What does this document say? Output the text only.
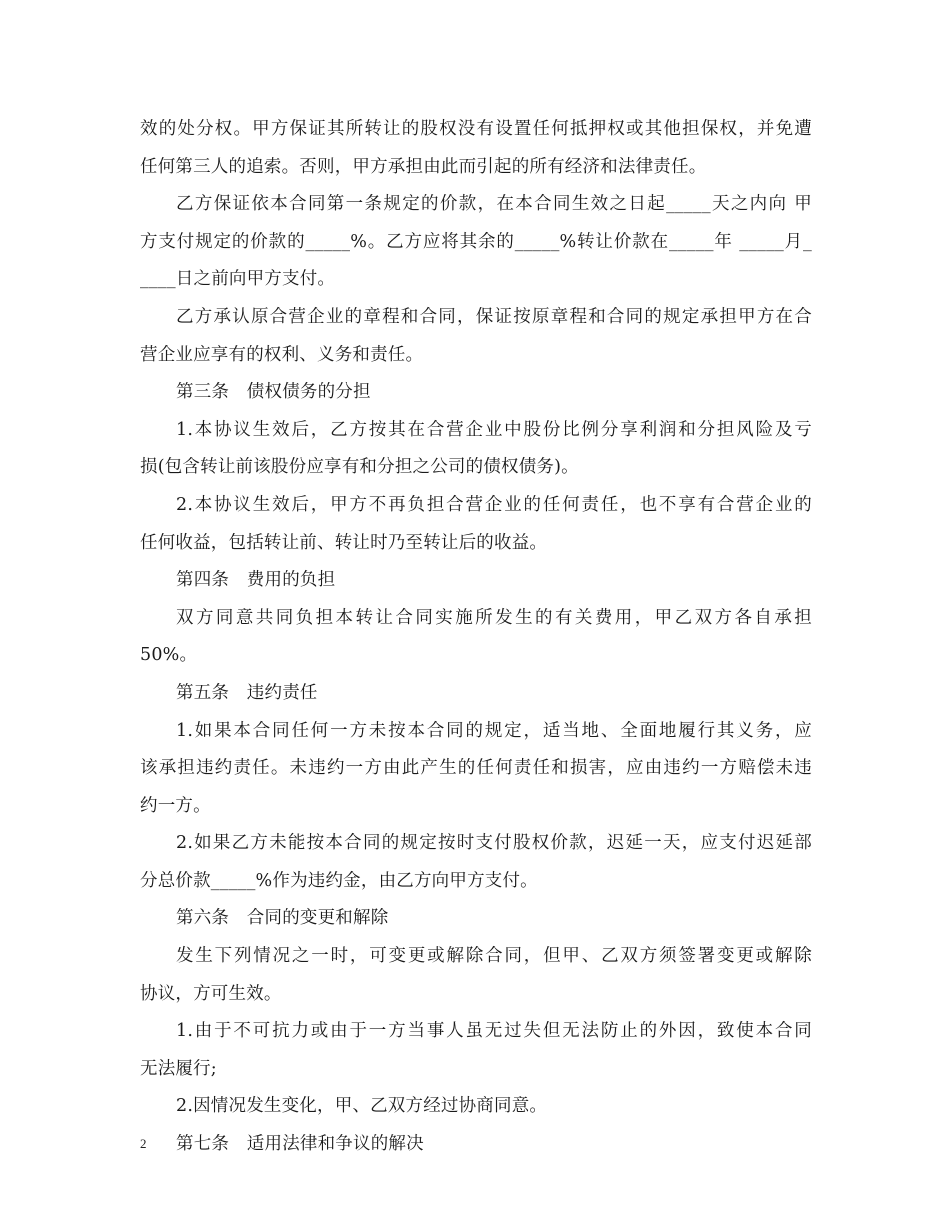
效的处分权。甲方保证其所转让的股权没有设置任何抵押权或其他担保权，并免遭
任何第三人的追索。否则，甲方承担由此而引起的所有经济和法律责任。
乙方保证依本合同第一条规定的价款，在本合同生效之日起_____天之内向 甲
方支付规定的价款的_____%。乙方应将其余的_____%转让价款在_____年 _____月_
____日之前向甲方支付。
乙方承认原合营企业的章程和合同，保证按原章程和合同的规定承担甲方在合
营企业应享有的权利、义务和责任。
第三条　债权债务的分担
1.本协议生效后，乙方按其在合营企业中股份比例分享利润和分担风险及亏
损(包含转让前该股份应享有和分担之公司的债权债务)。
2.本协议生效后，甲方不再负担合营企业的任何责任，也不享有合营企业的
任何收益，包括转让前、转让时乃至转让后的收益。
第四条　费用的负担
双方同意共同负担本转让合同实施所发生的有关费用，甲乙双方各自承担
50%。
第五条　违约责任
1.如果本合同任何一方未按本合同的规定，适当地、全面地履行其义务，应
该承担违约责任。未违约一方由此产生的任何责任和损害，应由违约一方赔偿未违
约一方。
2.如果乙方未能按本合同的规定按时支付股权价款，迟延一天，应支付迟延部
分总价款_____%作为违约金，由乙方向甲方支付。
第六条　合同的变更和解除
发生下列情况之一时，可变更或解除合同，但甲、乙双方须签署变更或解除
协议，方可生效。
1.由于不可抗力或由于一方当事人虽无过失但无法防止的外因，致使本合同
无法履行;
2.因情况发生变化，甲、乙双方经过协商同意。
第七条　适用法律和争议的解决
2
